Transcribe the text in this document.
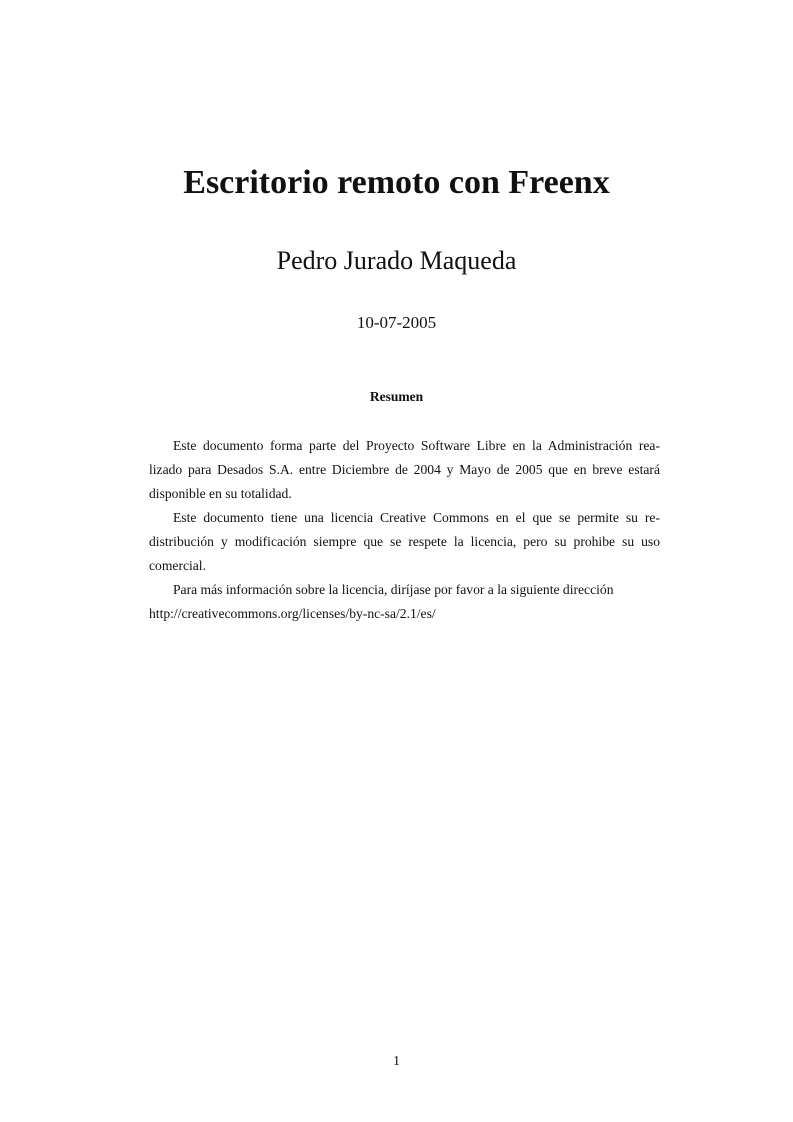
Escritorio remoto con Freenx
Pedro Jurado Maqueda
10-07-2005
Resumen
Este documento forma parte del Proyecto Software Libre en la Administración rea-
lizado para Desados S.A. entre Diciembre de 2004 y Mayo de 2005 que en breve estará
disponible en su totalidad.
Este documento tiene una licencia Creative Commons en el que se permite su re-
distribución y modificación siempre que se respete la licencia, pero su prohibe su uso
comercial.
Para más información sobre la licencia, diríjase por favor a la siguiente dirección
http://creativecommons.org/licenses/by-nc-sa/2.1/es/
1
